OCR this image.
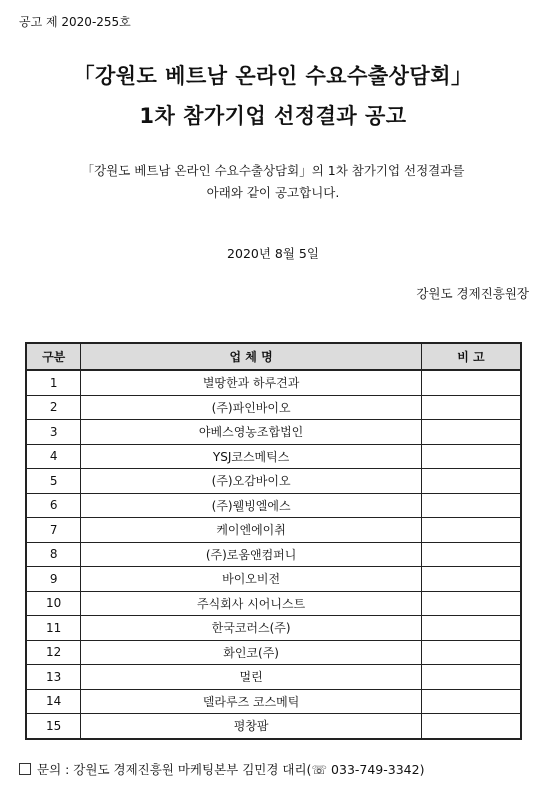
공고 제 2020-255호
「강원도 베트남 온라인 수요수출상담회」
1차 참가기업 선정결과 공고
「강원도 베트남 온라인 수요수출상담회」의 1차 참가기업 선정결과를
아래와 같이 공고합니다.
2020년 8월 5일
강원도 경제진흥원장
구분	업 체 명	비 고
1	별땅한과 하루견과	
2	(주)파인바이오	
3	야베스영농조합법인	
4	YSJ코스메틱스	
5	(주)오감바이오	
6	(주)웰빙엘에스	
7	케이엔에이취	
8	(주)로움앤컴퍼니	
9	바이오비전	
10	주식회사 시어니스트	
11	한국코러스(주)	
12	화인코(주)	
13	멀린	
14	델라루즈 코스메틱	
15	평창팜	
문의 : 강원도 경제진흥원 마케팅본부 김민경 대리(☏ 033-749-3342)
